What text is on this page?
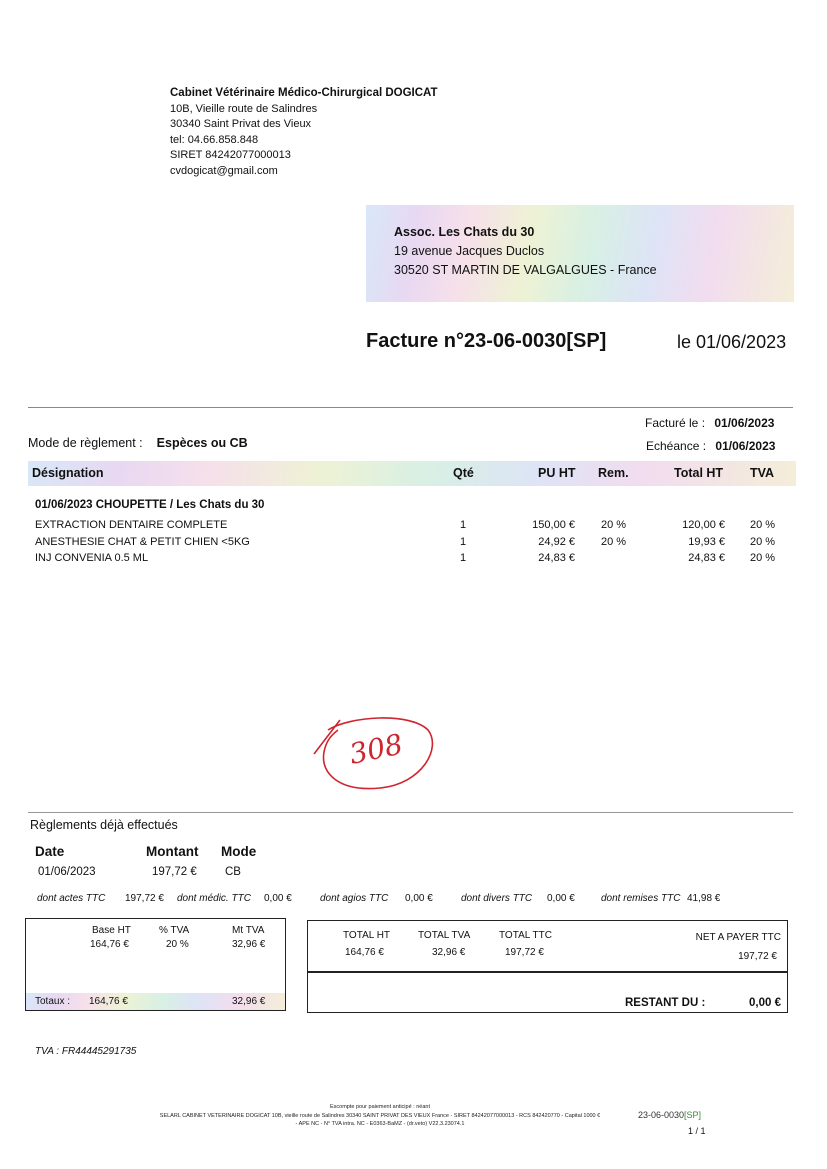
Cabinet Vétérinaire Médico-Chirurgical DOGICAT
10B, Vieille route de Salindres
30340 Saint Privat des Vieux
tel: 04.66.858.848
SIRET 84242077000013
cvdogicat@gmail.com
Assoc. Les Chats du 30
19 avenue Jacques Duclos
30520 ST MARTIN DE VALGALGUES - France
Facture n°23-06-0030[SP]	le 01/06/2023
Facturé le : 01/06/2023
Echéance : 01/06/2023
Mode de règlement : Espèces ou CB
Désignation	Qté	PU HT Rem.	Total HT TVA
01/06/2023 CHOUPETTE / Les Chats du 30
EXTRACTION DENTAIRE COMPLETE	1	150,00 € 20 %	120,00 € 20 %
ANESTHESIE CHAT & PETIT CHIEN <5KG	1	24,92 € 20 %	19,93 € 20 %
INJ CONVENIA 0.5 ML	1	24,83 €	24,83 € 20 %
308
Règlements déjà effectués
Date	Montant Mode
01/06/2023	197,72 € CB
dont actes TTC 197,72 € dont médic. TTC 0,00 €	dont agios TTC 0,00 €	dont divers TTC 0,00 €	dont remises TTC 41,98 €
Base HT
164,76 €
% TVA
20 %
Mt TVA
32,96 €
Totaux : 164,76 €	32,96 €
TOTAL HT
164,76 €
TOTAL TVA
32,96 €
TOTAL TTC
197,72 €
NET A PAYER TTC
197,72 €
RESTANT DU :	0,00 €
TVA : FR44445291735
Escompte pour paiement anticipé : néant
SELARL CABINET VETERINAIRE DOGICAT 10B, vieille route de Salindres 30340 SAINT PRIVAT DES VIEUX France - SIRET 84242077000013 - RCS 842420770 - Capital 1000 €
- APE NC - N° TVA intra. NC - E0363-BaMZ - (dr.veto) V22.3.23074.1
23-06-0030[SP]
1 / 1
